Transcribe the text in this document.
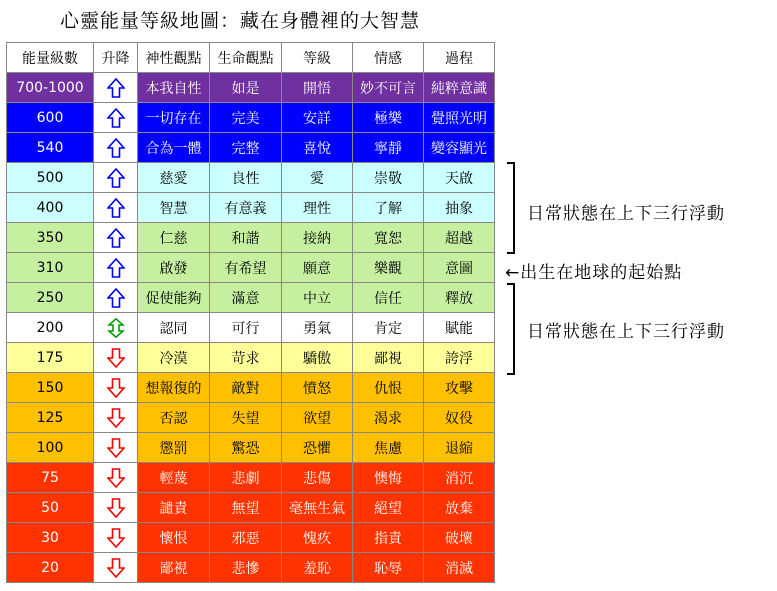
心靈能量等級地圖：藏在身體裡的大智慧
能量級數	升降	神性觀點	生命觀點	等級	情感	過程
700-1000		本我自性	如是	開悟	妙不可言	純粹意識
600		一切存在	完美	安詳	極樂	覺照光明
540		合為一體	完整	喜悅	寧靜	變容顯光
500		慈愛	良性	愛	崇敬	天啟
400		智慧	有意義	理性	了解	抽象
350		仁慈	和諧	接納	寬恕	超越
310		啟發	有希望	願意	樂觀	意圖
250		促使能夠	滿意	中立	信任	釋放
200		認同	可行	勇氣	肯定	賦能
175		冷漠	苛求	驕傲	鄙視	誇浮
150		想報復的	敵對	憤怒	仇恨	攻擊
125		否認	失望	欲望	渴求	奴役
100		懲罰	驚恐	恐懼	焦慮	退縮
75		輕蔑	悲劇	悲傷	懊悔	消沉
50		譴責	無望	毫無生氣	絕望	放棄
30		懷恨	邪惡	愧疚	指責	破壞
20		鄙視	悲慘	羞恥	恥辱	消滅
日常狀態在上下三行浮動
←出生在地球的起始點
日常狀態在上下三行浮動
